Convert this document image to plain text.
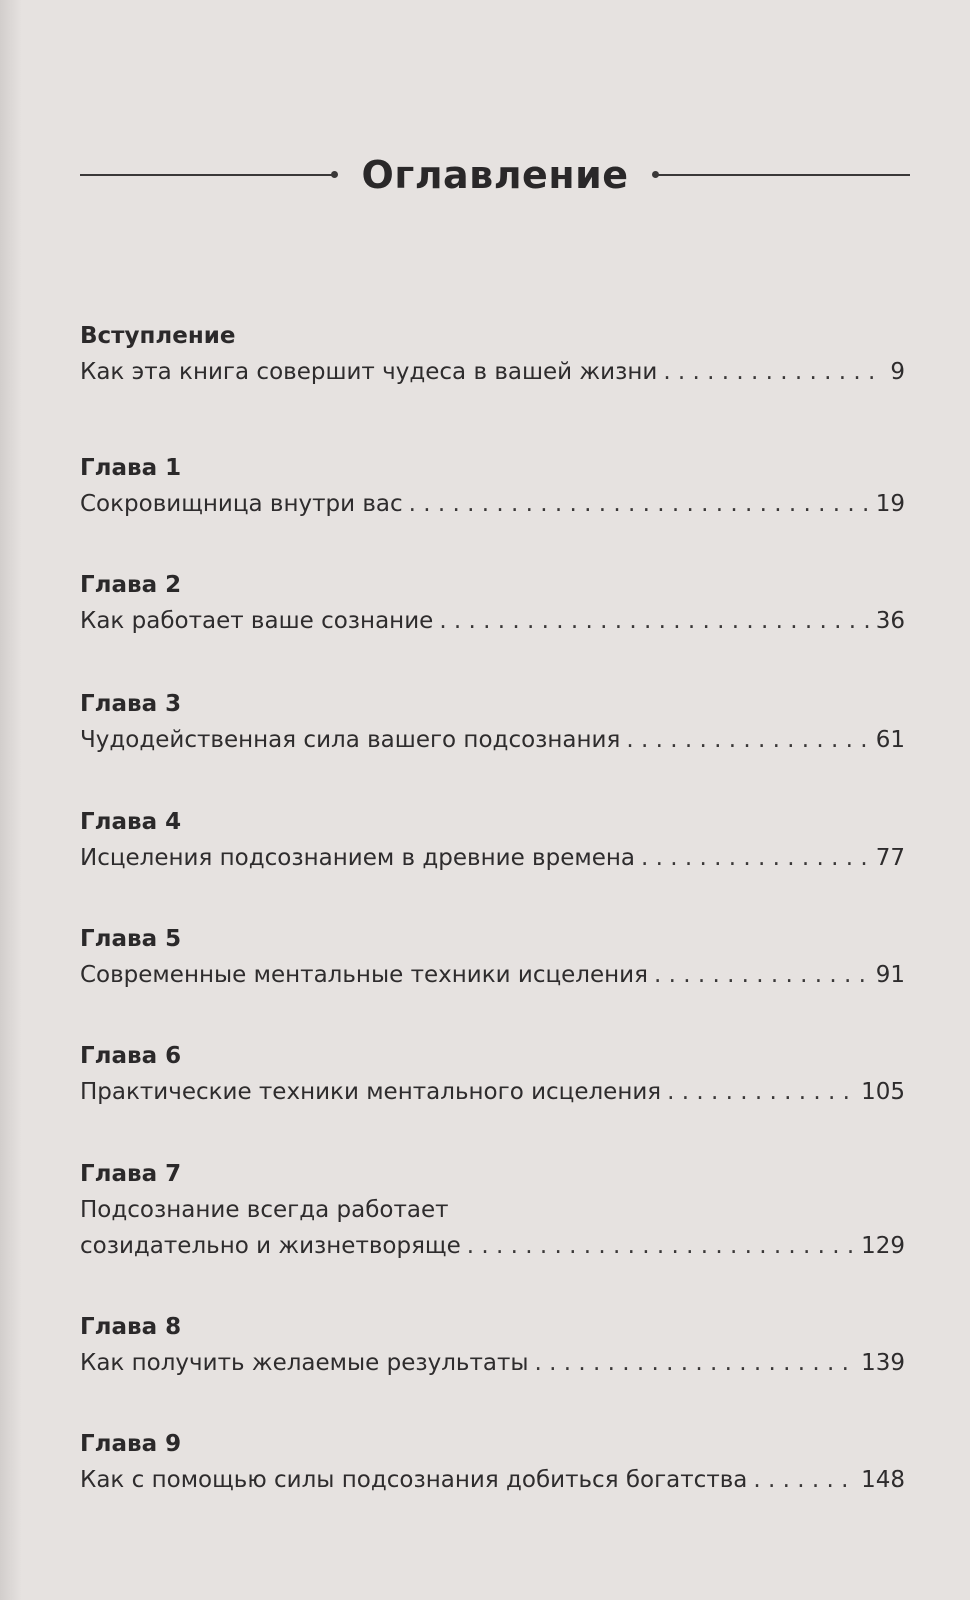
Оглавление
Вступление
Как эта книга совершит чудеса в вашей жизни . . .	9
Глава 1
Сокровищница внутри вас . . .	19
Глава 2
Как работает ваше сознание . . .	36
Глава 3
Чудодейственная сила вашего подсознания . . .	61
Глава 4
Исцеления подсознанием в древние времена . . .	77
Глава 5
Современные ментальные техники исцеления . . .	91
Глава 6
Практические техники ментального исцеления . . .	105
Глава 7
Подсознание всегда работает
созидательно и жизнетворяще . . .	129
Глава 8
Как получить желаемые результаты . . .	139
Глава 9
Как с помощью силы подсознания добиться богатства . . .	148
